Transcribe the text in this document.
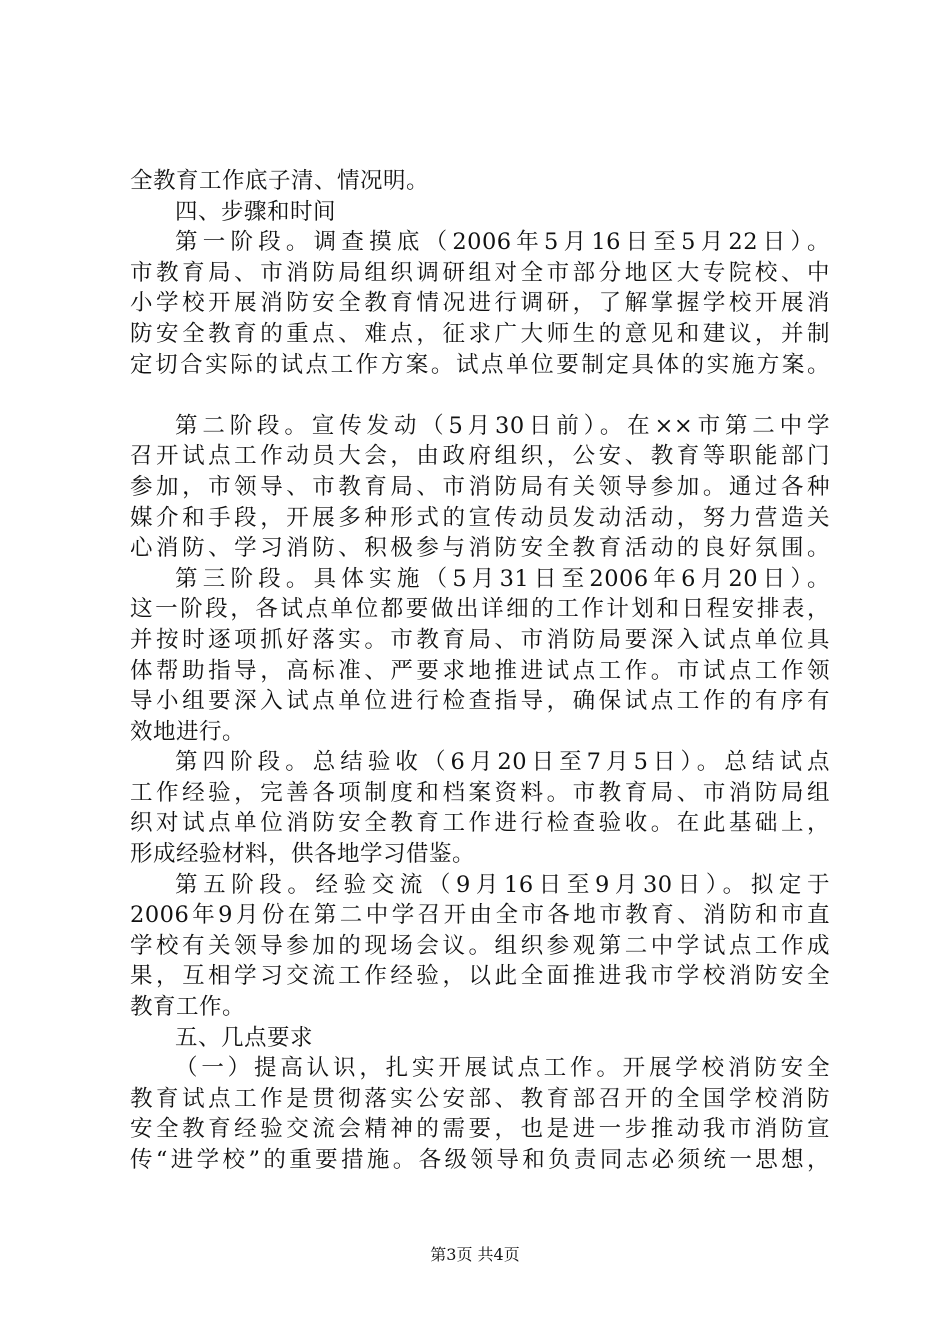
全教育工作底子清、情况明。
四、步骤和时间
第一阶段。调查摸底（2006年5月16日至5月22日）。
市教育局、市消防局组织调研组对全市部分地区大专院校、中
小学校开展消防安全教育情况进行调研，了解掌握学校开展消
防安全教育的重点、难点，征求广大师生的意见和建议，并制
定切合实际的试点工作方案。试点单位要制定具体的实施方案。
第二阶段。宣传发动（5月30日前）。在××市第二中学
召开试点工作动员大会，由政府组织，公安、教育等职能部门
参加，市领导、市教育局、市消防局有关领导参加。通过各种
媒介和手段，开展多种形式的宣传动员发动活动，努力营造关
心消防、学习消防、积极参与消防安全教育活动的良好氛围。
第三阶段。具体实施（5月31日至2006年6月20日）。
这一阶段，各试点单位都要做出详细的工作计划和日程安排表，
并按时逐项抓好落实。市教育局、市消防局要深入试点单位具
体帮助指导，高标准、严要求地推进试点工作。市试点工作领
导小组要深入试点单位进行检查指导，确保试点工作的有序有
效地进行。
第四阶段。总结验收（6月20日至7月5日）。总结试点
工作经验，完善各项制度和档案资料。市教育局、市消防局组
织对试点单位消防安全教育工作进行检查验收。在此基础上，
形成经验材料，供各地学习借鉴。
第五阶段。经验交流（9月16日至9月30日）。拟定于
2006年9月份在第二中学召开由全市各地市教育、消防和市直
学校有关领导参加的现场会议。组织参观第二中学试点工作成
果，互相学习交流工作经验，以此全面推进我市学校消防安全
教育工作。
五、几点要求
（一）提高认识，扎实开展试点工作。开展学校消防安全
教育试点工作是贯彻落实公安部、教育部召开的全国学校消防
安全教育经验交流会精神的需要，也是进一步推动我市消防宣
传“进学校”的重要措施。各级领导和负责同志必须统一思想，
第3页 共4页
